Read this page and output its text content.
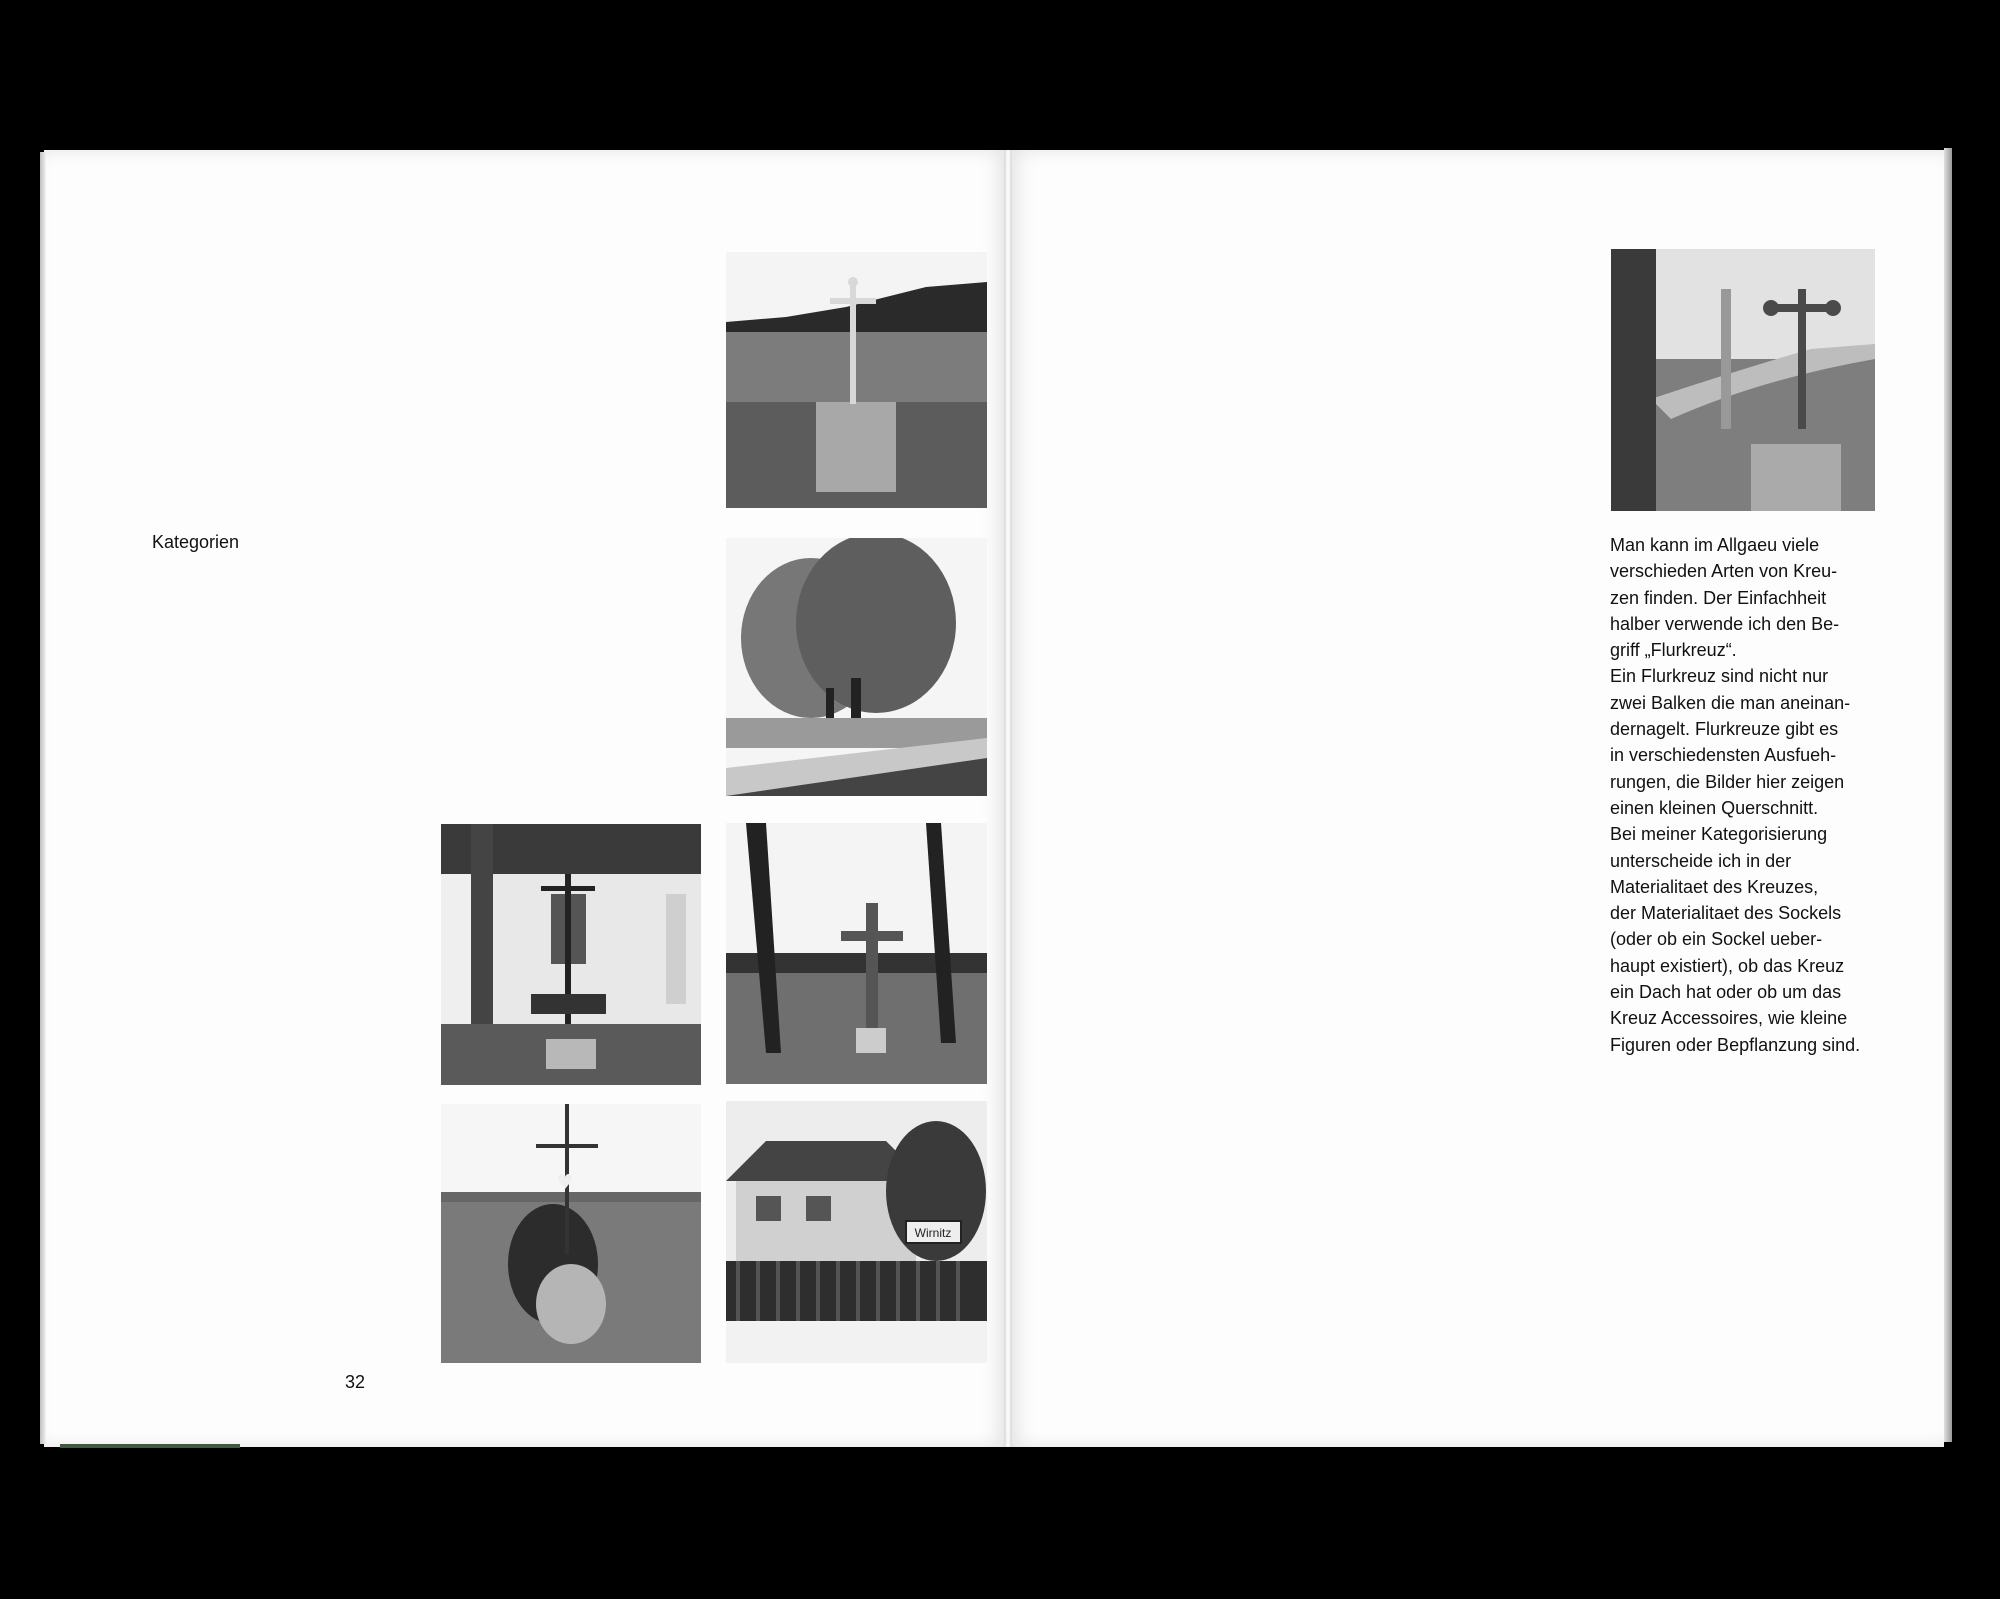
Kategorien
32
Wirnitz
Man kann im Allgaeu viele
verschieden Arten von Kreu-
zen finden. Der Einfachheit
halber verwende ich den Be-
griff „Flurkreuz“.
Ein Flurkreuz sind nicht nur
zwei Balken die man aneinan-
dernagelt. Flurkreuze gibt es
in verschiedensten Ausfueh-
rungen, die Bilder hier zeigen
einen kleinen Querschnitt.
Bei meiner Kategorisierung
unterscheide ich in der
Materialitaet des Kreuzes,
der Materialitaet des Sockels
(oder ob ein Sockel ueber-
haupt existiert), ob das Kreuz
ein Dach hat oder ob um das
Kreuz Accessoires, wie kleine
Figuren oder Bepflanzung sind.
